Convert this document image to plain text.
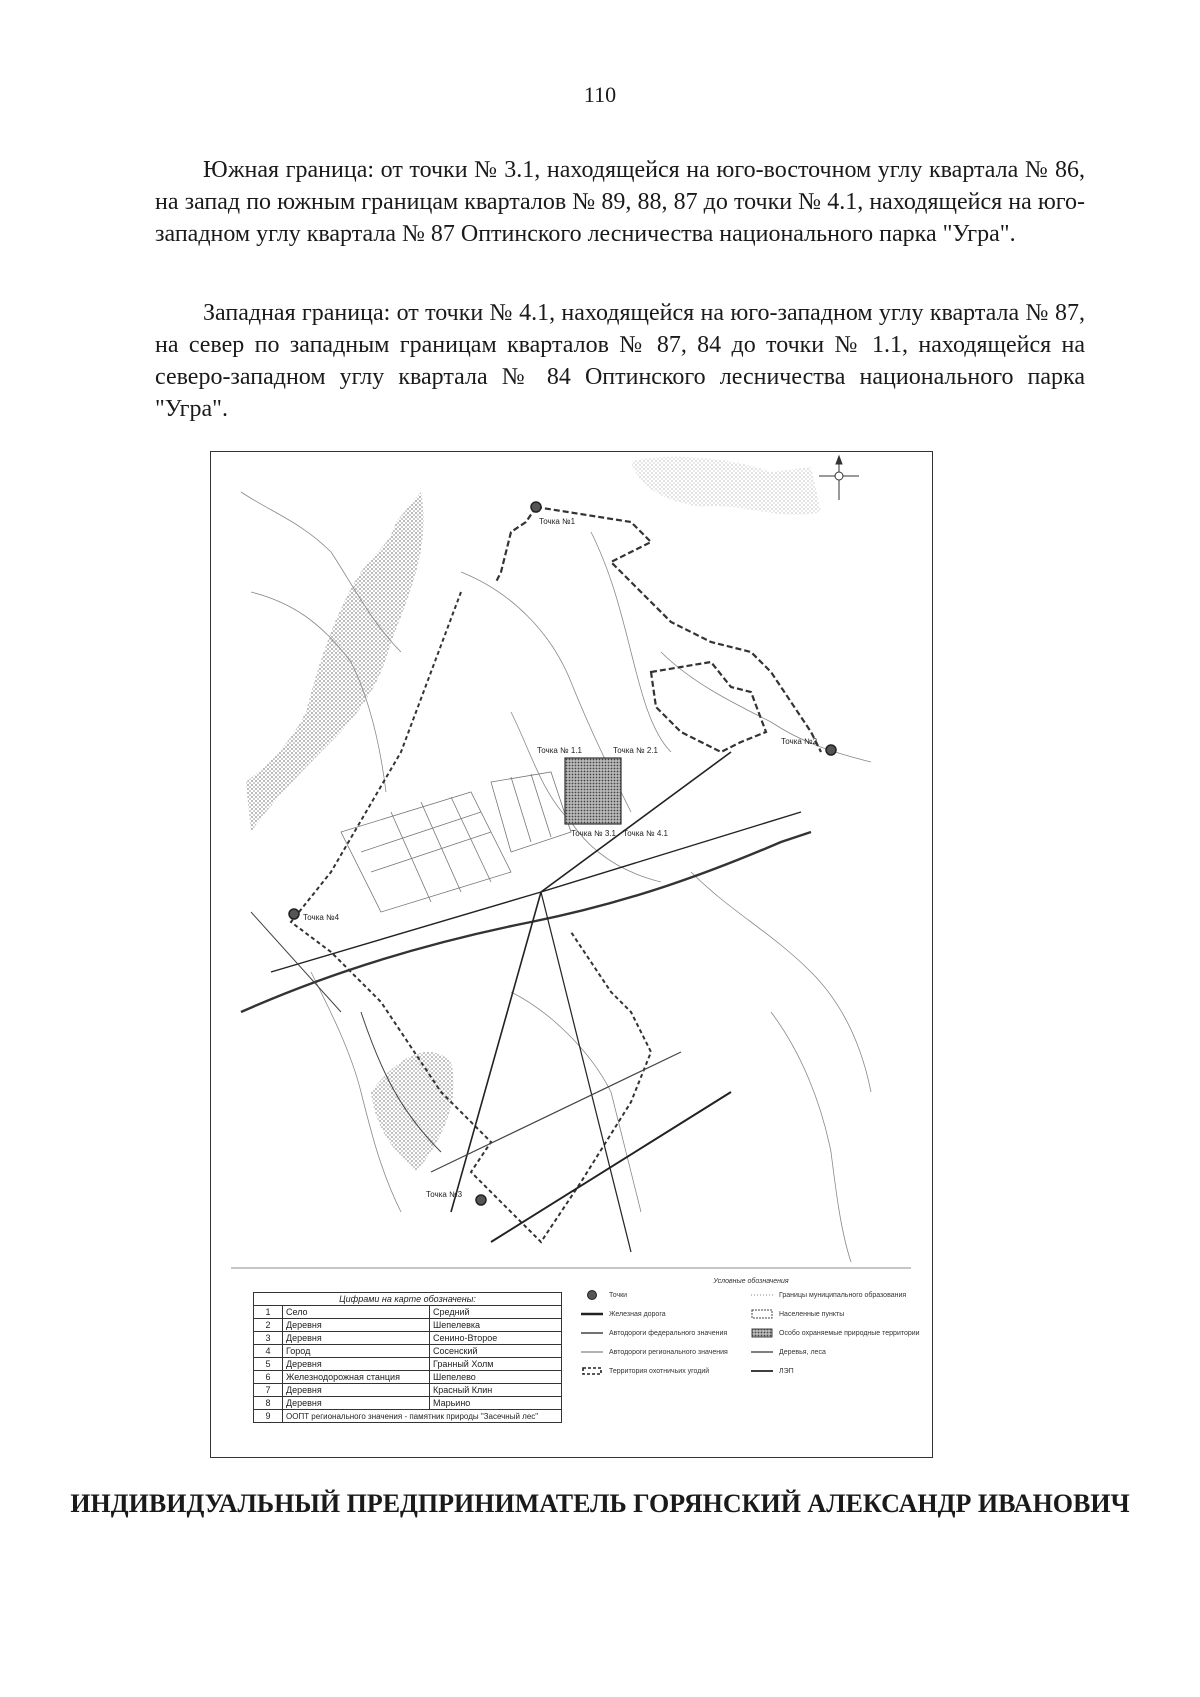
110

Южная граница: от точки № 3.1, находящейся на юго-восточном углу квартала № 86, на запад по южным границам кварталов № 89, 88, 87 до точки № 4.1, находящейся на юго-западном углу квартала № 87 Оптинского лесничества национального парка "Угра".

Западная граница: от точки № 4.1, находящейся на юго-западном углу квартала № 87, на север по западным границам кварталов № 87, 84 до точки № 1.1, находящейся на северо-западном углу квартала № 84 Оптинского лесничества национального парка "Угра".

Точка №1
Точка №2
Точка №3
Точка №4
Точка № 1.1	Точка № 2.1
Точка № 3.1 Точка № 4.1
Цифрами на карте обозначены:		
1	Село	Средний
2	Деревня	Шепелевка
3	Деревня	Сенино-Второе
4	Город	Сосенский
5	Деревня	Гранный Холм
6	Железнодорожная станция	Шепелево
7	Деревня	Красный Клин
8	Деревня	Марьино
9	ООПТ регионального значения - памятник природы "Засечный лес"	
Условные обозначения
Точки	Границы муниципального образования
Железная дорога	Населенные пункты
Автодороги федерального значения	Особо охраняемые природные территории
Автодороги регионального значения	Деревья, леса
Территория охотничьих угодий	ЛЭП
ИНДИВИДУАЛЬНЫЙ ПРЕДПРИНИМАТЕЛЬ ГОРЯНСКИЙ АЛЕКСАНДР ИВАНОВИЧ
